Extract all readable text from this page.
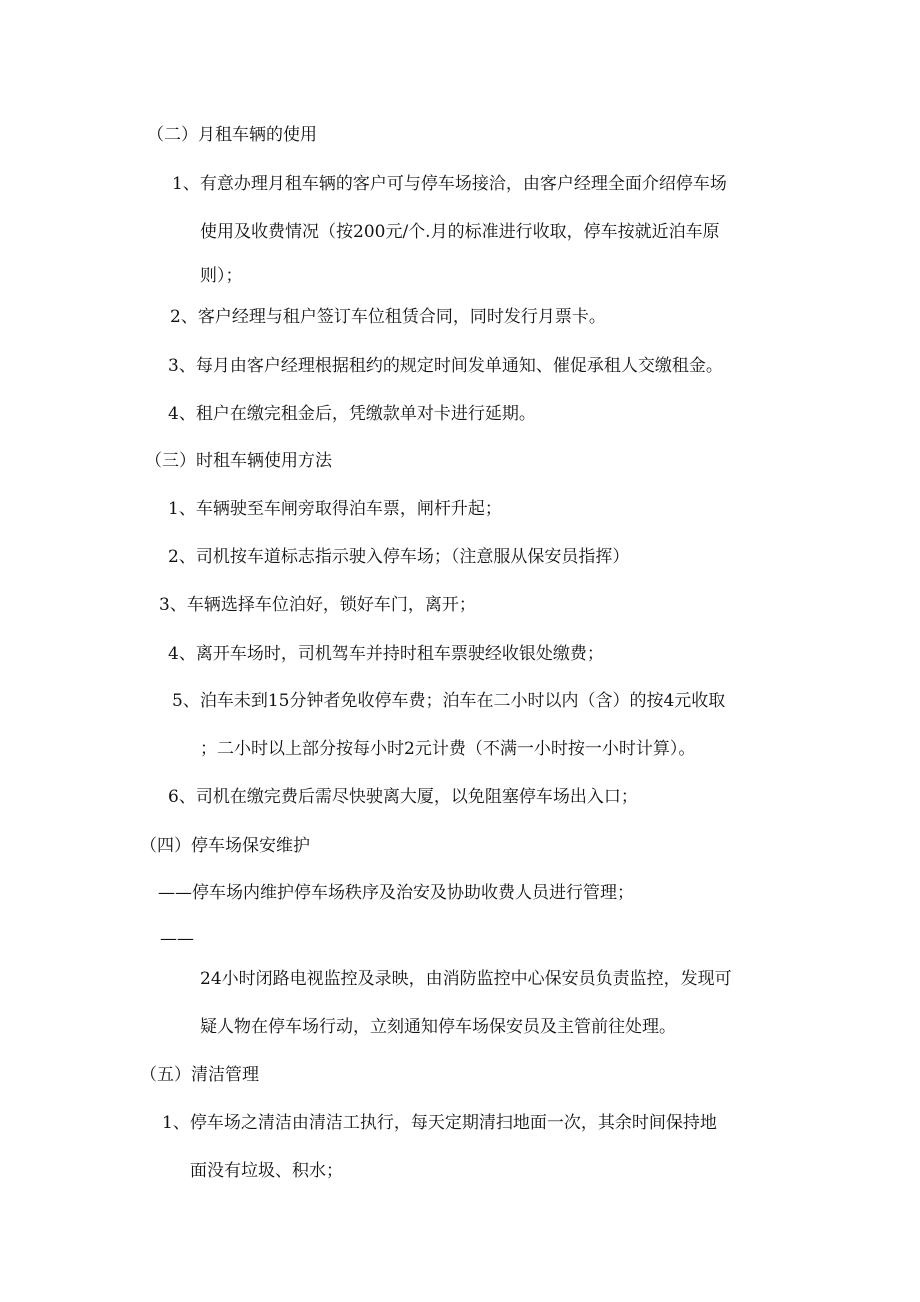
（二）月租车辆的使用
1、有意办理月租车辆的客户可与停车场接洽，由客户经理全面介绍停车场
使用及收费情况（按200元/个.月的标准进行收取，停车按就近泊车原
则）；
2、客户经理与租户签订车位租赁合同，同时发行月票卡。
3、每月由客户经理根据租约的规定时间发单通知、催促承租人交缴租金。
4、租户在缴完租金后，凭缴款单对卡进行延期。
（三）时租车辆使用方法
1、车辆驶至车闸旁取得泊车票，闸杆升起；
2、司机按车道标志指示驶入停车场；（注意服从保安员指挥）
3、车辆选择车位泊好，锁好车门，离开；
4、离开车场时，司机驾车并持时租车票驶经收银处缴费；
5、泊车未到15分钟者免收停车费；泊车在二小时以内（含）的按4元收取
；二小时以上部分按每小时2元计费（不满一小时按一小时计算）。
6、司机在缴完费后需尽快驶离大厦，以免阻塞停车场出入口；
（四）停车场保安维护
——停车场内维护停车场秩序及治安及协助收费人员进行管理；
——
24小时闭路电视监控及录映，由消防监控中心保安员负责监控，发现可
疑人物在停车场行动，立刻通知停车场保安员及主管前往处理。
（五）清洁管理
1、停车场之清洁由清洁工执行，每天定期清扫地面一次，其余时间保持地
面没有垃圾、积水；
